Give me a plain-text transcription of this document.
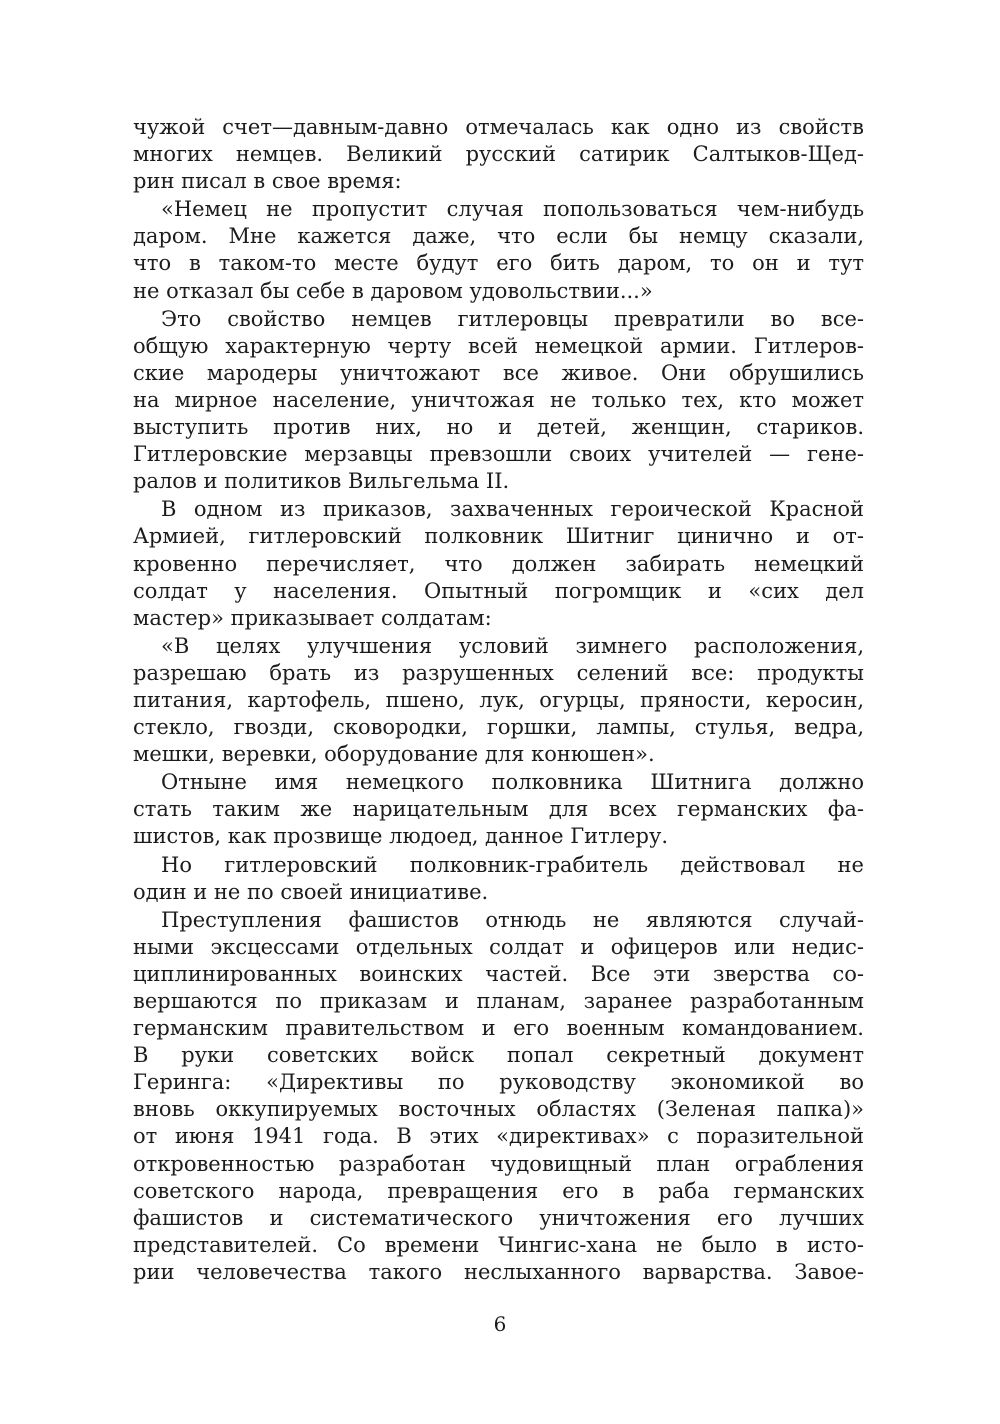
чужой счет—давным-давно отмечалась как одно из свойств
многих немцев. Великий русский сатирик Салтыков-Щед-
рин писал в свое время:
«Немец не пропустит случая попользоваться чем-нибудь
даром. Мне кажется даже, что если бы немцу сказали,
что в таком-то месте будут его бить даром, то он и тут
не отказал бы себе в даровом удовольствии...»
Это свойство немцев гитлеровцы превратили во все-
общую характерную черту всей немецкой армии. Гитлеров-
ские мародеры уничтожают все живое. Они обрушились
на мирное население, уничтожая не только тех, кто может
выступить против них, но и детей, женщин, стариков.
Гитлеровские мерзавцы превзошли своих учителей — гене-
ралов и политиков Вильгельма II.
В одном из приказов, захваченных героической Красной
Армией, гитлеровский полковник Шитниг цинично и от-
кровенно перечисляет, что должен забирать немецкий
солдат у населения. Опытный погромщик и «сих дел
мастер» приказывает солдатам:
«В целях улучшения условий зимнего расположения,
разрешаю брать из разрушенных селений все: продукты
питания, картофель, пшено, лук, огурцы, пряности, керосин,
стекло, гвозди, сковородки, горшки, лампы, стулья, ведра,
мешки, веревки, оборудование для конюшен».
Отныне имя немецкого полковника Шитнига должно
стать таким же нарицательным для всех германских фа-
шистов, как прозвище людоед, данное Гитлеру.
Но гитлеровский полковник-грабитель действовал не
один и не по своей инициативе.
Преступления фашистов отнюдь не являются случай-
ными эксцессами отдельных солдат и офицеров или недис-
циплинированных воинских частей. Все эти зверства со-
вершаются по приказам и планам, заранее разработанным
германским правительством и его военным командованием.
В руки советских войск попал секретный документ
Геринга: «Директивы по руководству экономикой во
вновь оккупируемых восточных областях (Зеленая папка)»
от июня 1941 года. В этих «директивах» с поразительной
откровенностью разработан чудовищный план ограбления
советского народа, превращения его в раба германских
фашистов и систематического уничтожения его лучших
представителей. Со времени Чингис-хана не было в исто-
рии человечества такого неслыханного варварства. Завое-
6
